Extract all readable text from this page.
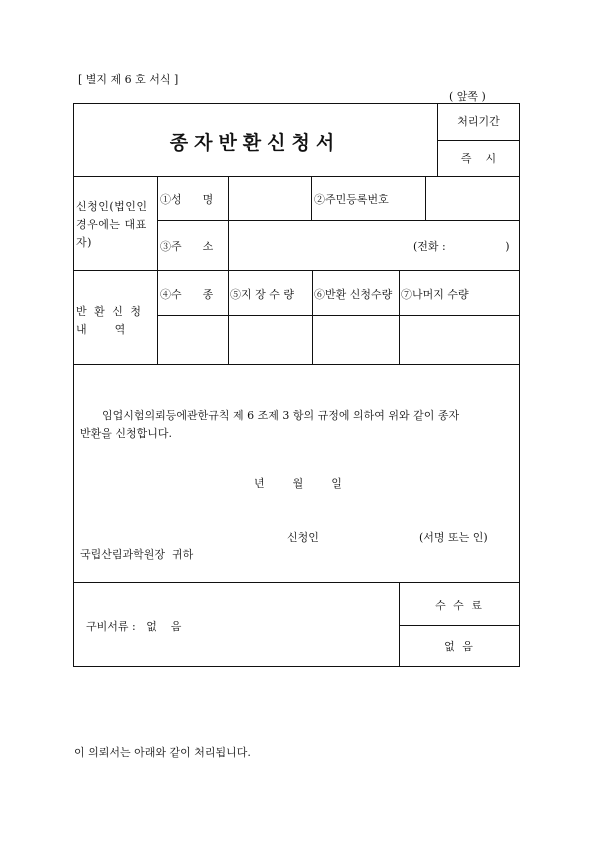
[ 별지 제 6 호 서식 ]
( 앞쪽 )
종자반환신청서
처리기간
즉    시
신청인(법인인 경우에는 대표자)
①성      명	②주민등록번호
③주      소	(전화 :                 )
반 환 신 청
내        역
④수      종 ⑤지 장 수 량 ⑥반환 신청수량 ⑦나머지 수량
임업시험의뢰등에관한규칙 제 6 조제 3 항의 규정에 의하여 위와 같이 종자
반환을 신청합니다.
년        월        일
신청인	(서명 또는 인)
국립산림과학원장  귀하
구비서류 :   없    음
수 수 료
없 음
이 의뢰서는 아래와 같이 처리됩니다.
